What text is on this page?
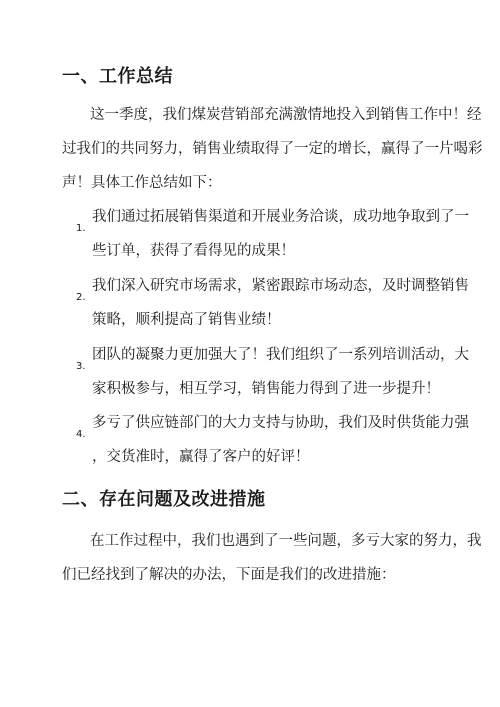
一、工作总结
这一季度，我们煤炭营销部充满激情地投入到销售工作中！经
过我们的共同努力，销售业绩取得了一定的增长，赢得了一片喝彩
声！具体工作总结如下：
1.
我们通过拓展销售渠道和开展业务洽谈，成功地争取到了一
些订单，获得了看得见的成果！
2.
我们深入研究市场需求，紧密跟踪市场动态，及时调整销售
策略，顺利提高了销售业绩！
3.
团队的凝聚力更加强大了！我们组织了一系列培训活动，大
家积极参与，相互学习，销售能力得到了进一步提升！
4.
多亏了供应链部门的大力支持与协助，我们及时供货能力强
，交货准时，赢得了客户的好评！
二、存在问题及改进措施
在工作过程中，我们也遇到了一些问题，多亏大家的努力，我
们已经找到了解决的办法，下面是我们的改进措施：
